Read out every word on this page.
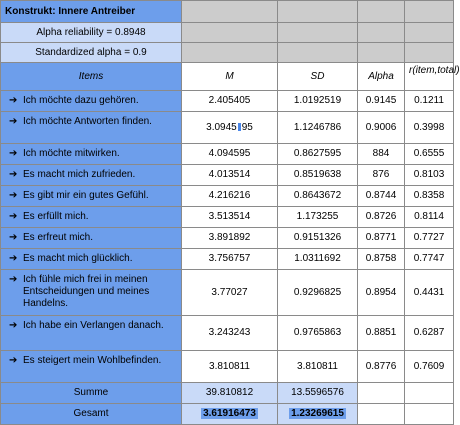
Konstrukt: Innere Antreiber				
Alpha reliability = 0.8948				
Standardized alpha = 0.9				
Items	M	SD	Alpha	r(item,total)
➔ Ich möchte dazu gehören.	2.405405	1.0192519	0.9145	0.1211

➔ Ich möchte Antworten finden.	3.0945 95	1.1246786	0.9006	0.3998
➔ Ich möchte mitwirken.	4.094595	0.8627595	884	0.6555
➔ Es macht mich zufrieden.	4.013514	0.8519638	876	0.8103
➔ Es gibt mir ein gutes Gefühl.	4.216216	0.8643672	0.8744	0.8358
➔ Es erfüllt mich.	3.513514	1.173255	0.8726	0.8114
➔ Es erfreut mich.	3.891892	0.9151326	0.8771	0.7727
➔ Es macht mich glücklich.	3.756757	1.0311692	0.8758	0.7747

➔ Ich fühle mich frei in meinen Entscheidungen und meines Handelns.	3.77027	0.9296825	0.8954	0.4431

➔ Ich habe ein Verlangen danach.	3.243243	0.9765863	0.8851	0.6287

➔ Es steigert mein Wohlbefinden.	3.810811	3.810811	0.8776	0.7609
Summe	39.810812	13.5596576		
Gesamt	3.61916473	1.23269615		
